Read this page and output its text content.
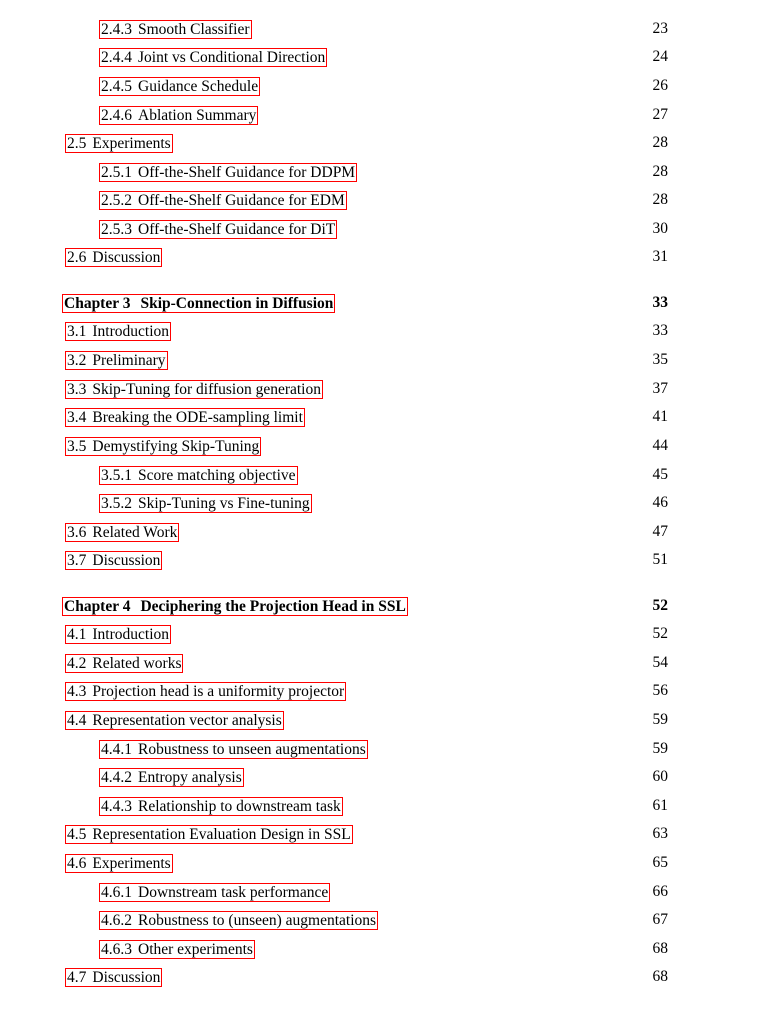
2.4.3 Smooth Classifier	23
2.4.4 Joint vs Conditional Direction	24
2.4.5 Guidance Schedule	26
2.4.6 Ablation Summary	27
2.5 Experiments	28
2.5.1 Off-the-Shelf Guidance for DDPM	28
2.5.2 Off-the-Shelf Guidance for EDM	28
2.5.3 Off-the-Shelf Guidance for DiT	30
2.6 Discussion	31
Chapter 3 Skip-Connection in Diffusion	33
3.1 Introduction	33
3.2 Preliminary	35
3.3 Skip-Tuning for diffusion generation	37
3.4 Breaking the ODE-sampling limit	41
3.5 Demystifying Skip-Tuning	44
3.5.1 Score matching objective	45
3.5.2 Skip-Tuning vs Fine-tuning	46
3.6 Related Work	47
3.7 Discussion	51
Chapter 4 Deciphering the Projection Head in SSL	52
4.1 Introduction	52
4.2 Related works	54
4.3 Projection head is a uniformity projector	56
4.4 Representation vector analysis	59
4.4.1 Robustness to unseen augmentations	59
4.4.2 Entropy analysis	60
4.4.3 Relationship to downstream task	61
4.5 Representation Evaluation Design in SSL	63
4.6 Experiments	65
4.6.1 Downstream task performance	66
4.6.2 Robustness to (unseen) augmentations	67
4.6.3 Other experiments	68
4.7 Discussion	68
